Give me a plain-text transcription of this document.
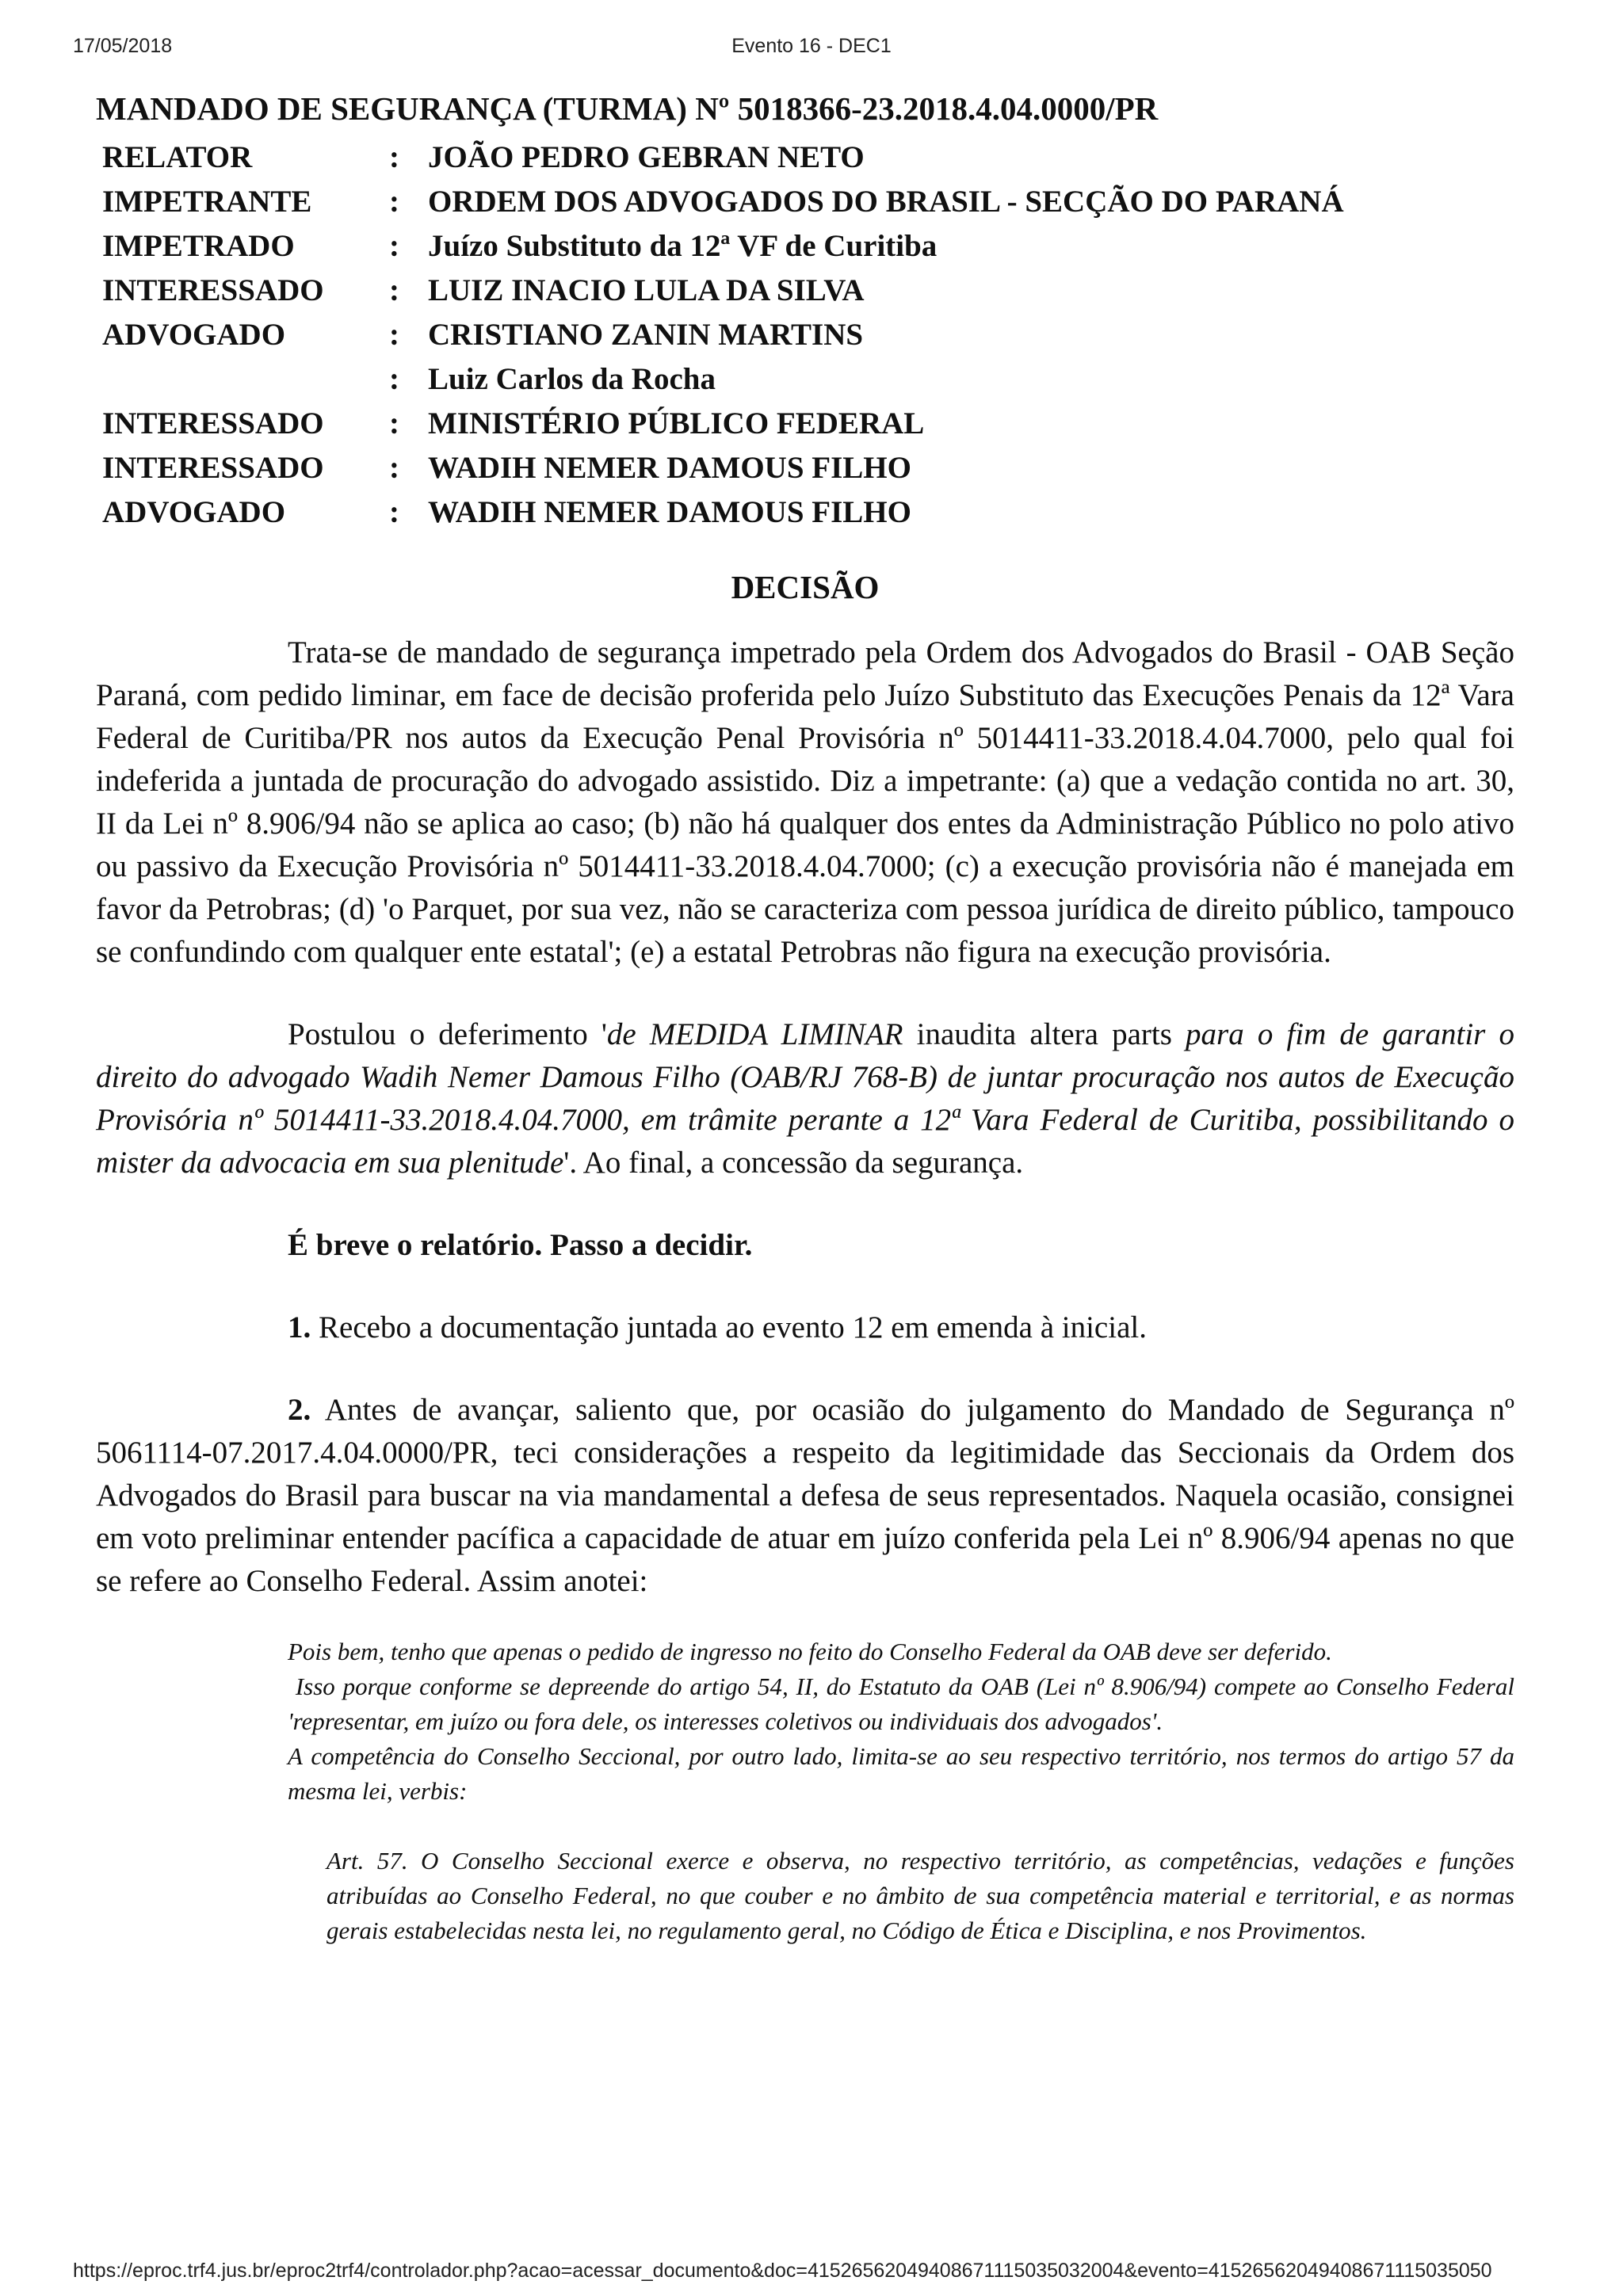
17/05/2018	Evento 16 - DEC1
MANDADO DE SEGURANÇA (TURMA) Nº 5018366-23.2018.4.04.0000/PR
RELATOR	: JOÃO PEDRO GEBRAN NETO
IMPETRANTE	: ORDEM DOS ADVOGADOS DO BRASIL - SECÇÃO DO PARANÁ
IMPETRADO	: Juízo Substituto da 12ª VF de Curitiba
INTERESSADO	: LUIZ INACIO LULA DA SILVA
ADVOGADO	: CRISTIANO ZANIN MARTINS
: Luiz Carlos da Rocha
INTERESSADO	: MINISTÉRIO PÚBLICO FEDERAL
INTERESSADO	: WADIH NEMER DAMOUS FILHO
ADVOGADO	: WADIH NEMER DAMOUS FILHO
DECISÃO

Trata-se de mandado de segurança impetrado pela Ordem dos Advogados do Brasil - OAB Seção Paraná, com pedido liminar, em face de decisão proferida pelo Juízo Substituto das Execuções Penais da 12ª Vara Federal de Curitiba/PR nos autos da Execução Penal Provisória nº 5014411-33.2018.4.04.7000, pelo qual foi indeferida a juntada de procuração do advogado assistido. Diz a impetrante: (a) que a vedação contida no art. 30, II da Lei nº 8.906/94 não se aplica ao caso; (b) não há qualquer dos entes da Administração Público no polo ativo ou passivo da Execução Provisória nº 5014411-33.2018.4.04.7000; (c) a execução provisória não é manejada em favor da Petrobras; (d) 'o Parquet, por sua vez, não se caracteriza com pessoa jurídica de direito público, tampouco se confundindo com qualquer ente estatal'; (e) a estatal Petrobras não figura na execução provisória.

Postulou o deferimento 'de MEDIDA LIMINAR inaudita altera parts para o fim de garantir o direito do advogado Wadih Nemer Damous Filho (OAB/RJ 768-B) de juntar procuração nos autos de Execução Provisória nº 5014411-33.2018.4.04.7000, em trâmite perante a 12ª Vara Federal de Curitiba, possibilitando o mister da advocacia em sua plenitude'. Ao final, a concessão da segurança.

É breve o relatório. Passo a decidir.

1. Recebo a documentação juntada ao evento 12 em emenda à inicial.

2. Antes de avançar, saliento que, por ocasião do julgamento do Mandado de Segurança nº 5061114-07.2017.4.04.0000/PR, teci considerações a respeito da legitimidade das Seccionais da Ordem dos Advogados do Brasil para buscar na via mandamental a defesa de seus representados. Naquela ocasião, consignei em voto preliminar entender pacífica a capacidade de atuar em juízo conferida pela Lei nº 8.906/94 apenas no que se refere ao Conselho Federal. Assim anotei:

Pois bem, tenho que apenas o pedido de ingresso no feito do Conselho Federal da OAB deve ser deferido.

Isso porque conforme se depreende do artigo 54, II, do Estatuto da OAB (Lei nº 8.906/94) compete ao Conselho Federal 'representar, em juízo ou fora dele, os interesses coletivos ou individuais dos advogados'.

A competência do Conselho Seccional, por outro lado, limita-se ao seu respectivo território, nos termos do artigo 57 da mesma lei, verbis:

Art. 57. O Conselho Seccional exerce e observa, no respectivo território, as competências, vedações e funções atribuídas ao Conselho Federal, no que couber e no âmbito de sua competência material e territorial, e as normas gerais estabelecidas nesta lei, no regulamento geral, no Código de Ética e Disciplina, e nos Provimentos.
https://eproc.trf4.jus.br/eproc2trf4/controlador.php?acao=acessar_documento&doc=41526562049408671115035032004&evento=41526562049408671115035050
